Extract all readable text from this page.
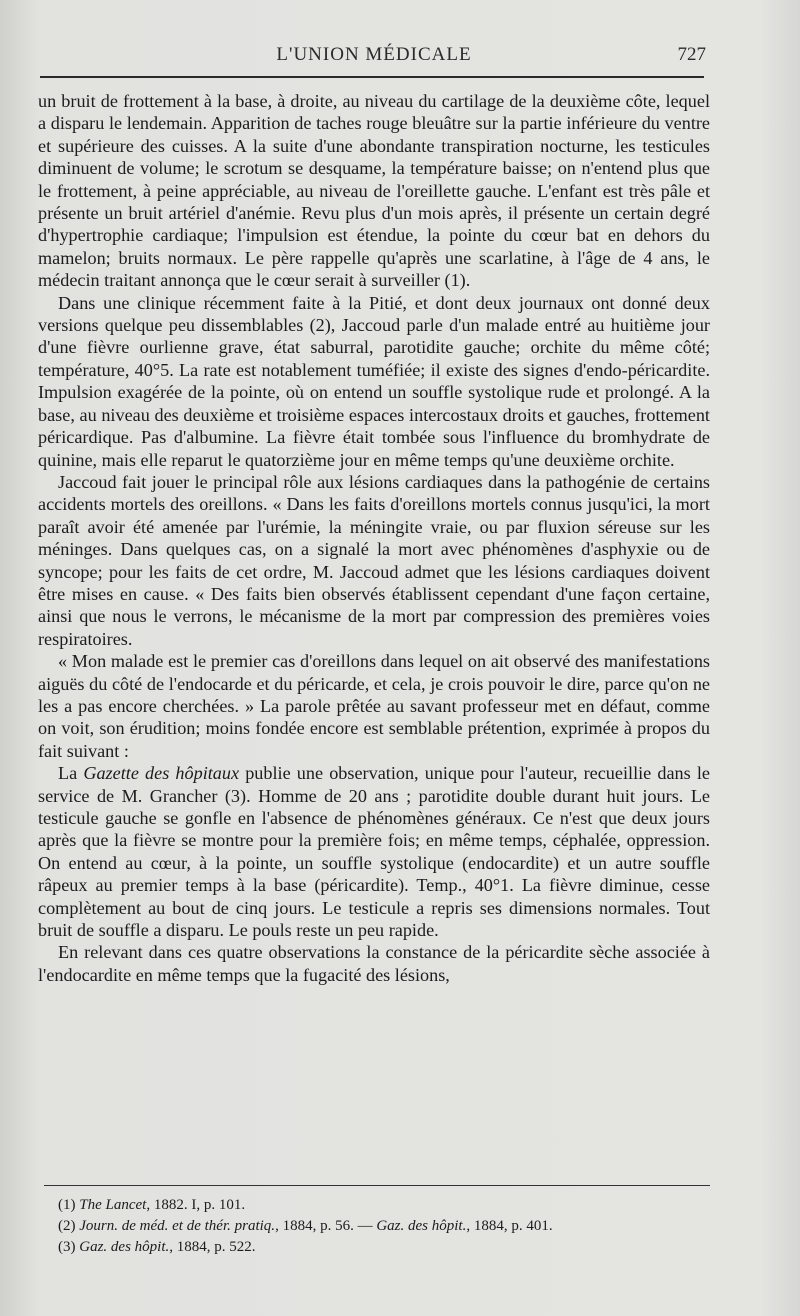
L'UNION MÉDICALE	727

un bruit de frottement à la base, à droite, au niveau du cartilage de la deuxième côte, lequel a disparu le lendemain. Apparition de taches rouge bleuâtre sur la partie inférieure du ventre et supérieure des cuisses. A la suite d'une abondante transpiration nocturne, les testicules diminuent de volume; le scrotum se desquame, la température baisse; on n'entend plus que le frottement, à peine appréciable, au niveau de l'oreillette gauche. L'enfant est très pâle et présente un bruit artériel d'anémie. Revu plus d'un mois après, il présente un certain degré d'hypertrophie cardiaque; l'impulsion est étendue, la pointe du cœur bat en dehors du mamelon; bruits normaux. Le père rappelle qu'après une scarlatine, à l'âge de 4 ans, le médecin traitant annonça que le cœur serait à surveiller (1).

Dans une clinique récemment faite à la Pitié, et dont deux journaux ont donné deux versions quelque peu dissemblables (2), Jaccoud parle d'un malade entré au huitième jour d'une fièvre ourlienne grave, état saburral, parotidite gauche; orchite du même côté; température, 40°5. La rate est notablement tuméfiée; il existe des signes d'endo-péricardite. Impulsion exagérée de la pointe, où on entend un souffle systolique rude et prolongé. A la base, au niveau des deuxième et troisième espaces intercostaux droits et gauches, frottement péricardique. Pas d'albumine. La fièvre était tombée sous l'influence du bromhydrate de quinine, mais elle reparut le quatorzième jour en même temps qu'une deuxième orchite.

Jaccoud fait jouer le principal rôle aux lésions cardiaques dans la pathogénie de certains accidents mortels des oreillons. « Dans les faits d'oreillons mortels connus jusqu'ici, la mort paraît avoir été amenée par l'urémie, la méningite vraie, ou par fluxion séreuse sur les méninges. Dans quelques cas, on a signalé la mort avec phénomènes d'asphyxie ou de syncope; pour les faits de cet ordre, M. Jaccoud admet que les lésions cardiaques doivent être mises en cause. « Des faits bien observés établissent cependant d'une façon certaine, ainsi que nous le verrons, le mécanisme de la mort par compression des premières voies respiratoires.

« Mon malade est le premier cas d'oreillons dans lequel on ait observé des manifestations aiguës du côté de l'endocarde et du péricarde, et cela, je crois pouvoir le dire, parce qu'on ne les a pas encore cherchées. » La parole prêtée au savant professeur met en défaut, comme on voit, son érudition; moins fondée encore est semblable prétention, exprimée à propos du fait suivant :

La Gazette des hôpitaux publie une observation, unique pour l'auteur, recueillie dans le service de M. Grancher (3). Homme de 20 ans ; parotidite double durant huit jours. Le testicule gauche se gonfle en l'absence de phénomènes généraux. Ce n'est que deux jours après que la fièvre se montre pour la première fois; en même temps, céphalée, oppression. On entend au cœur, à la pointe, un souffle systolique (endocardite) et un autre souffle râpeux au premier temps à la base (péricardite). Temp., 40°1. La fièvre diminue, cesse complètement au bout de cinq jours. Le testicule a repris ses dimensions normales. Tout bruit de souffle a disparu. Le pouls reste un peu rapide.

En relevant dans ces quatre observations la constance de la péricardite sèche associée à l'endocardite en même temps que la fugacité des lésions,

(1) The Lancet, 1882. I, p. 101.
(2) Journ. de méd. et de thér. pratiq., 1884, p. 56. — Gaz. des hôpit., 1884, p. 401.
(3) Gaz. des hôpit., 1884, p. 522.
